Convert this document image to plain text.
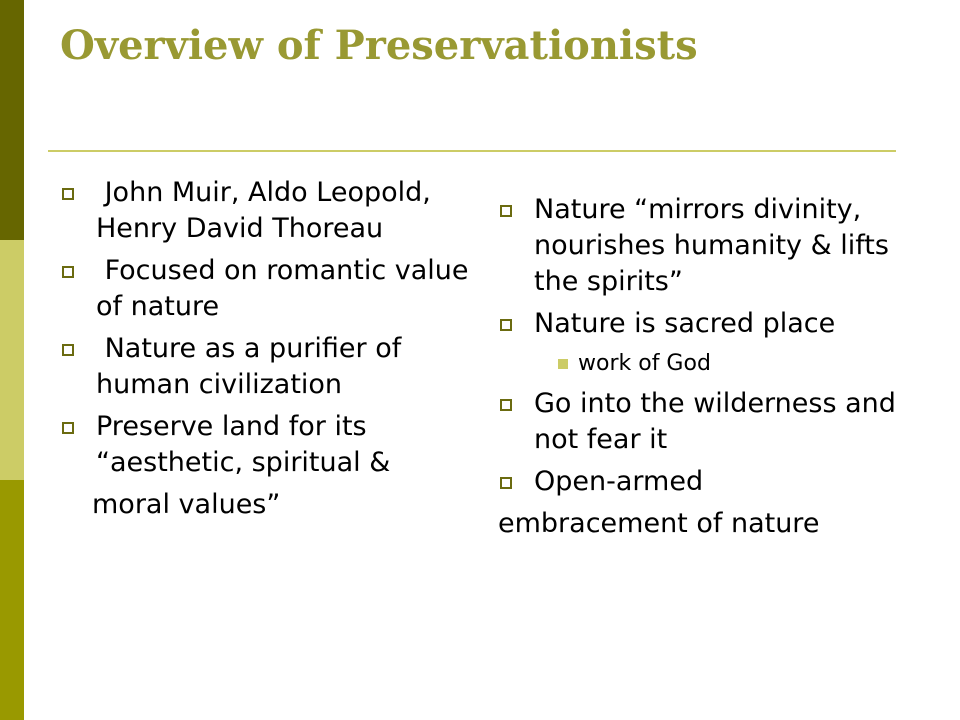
Overview of Preservationists
John Muir, Aldo Leopold, Henry David Thoreau
Focused on romantic value of nature
Nature as a purifier of human civilization
Preserve land for its “aesthetic, spiritual &
moral values”
Nature “mirrors divinity, nourishes humanity & lifts the spirits”
Nature is sacred place
work of God
Go into the wilderness and not fear it
Open-armed
embracement of nature
